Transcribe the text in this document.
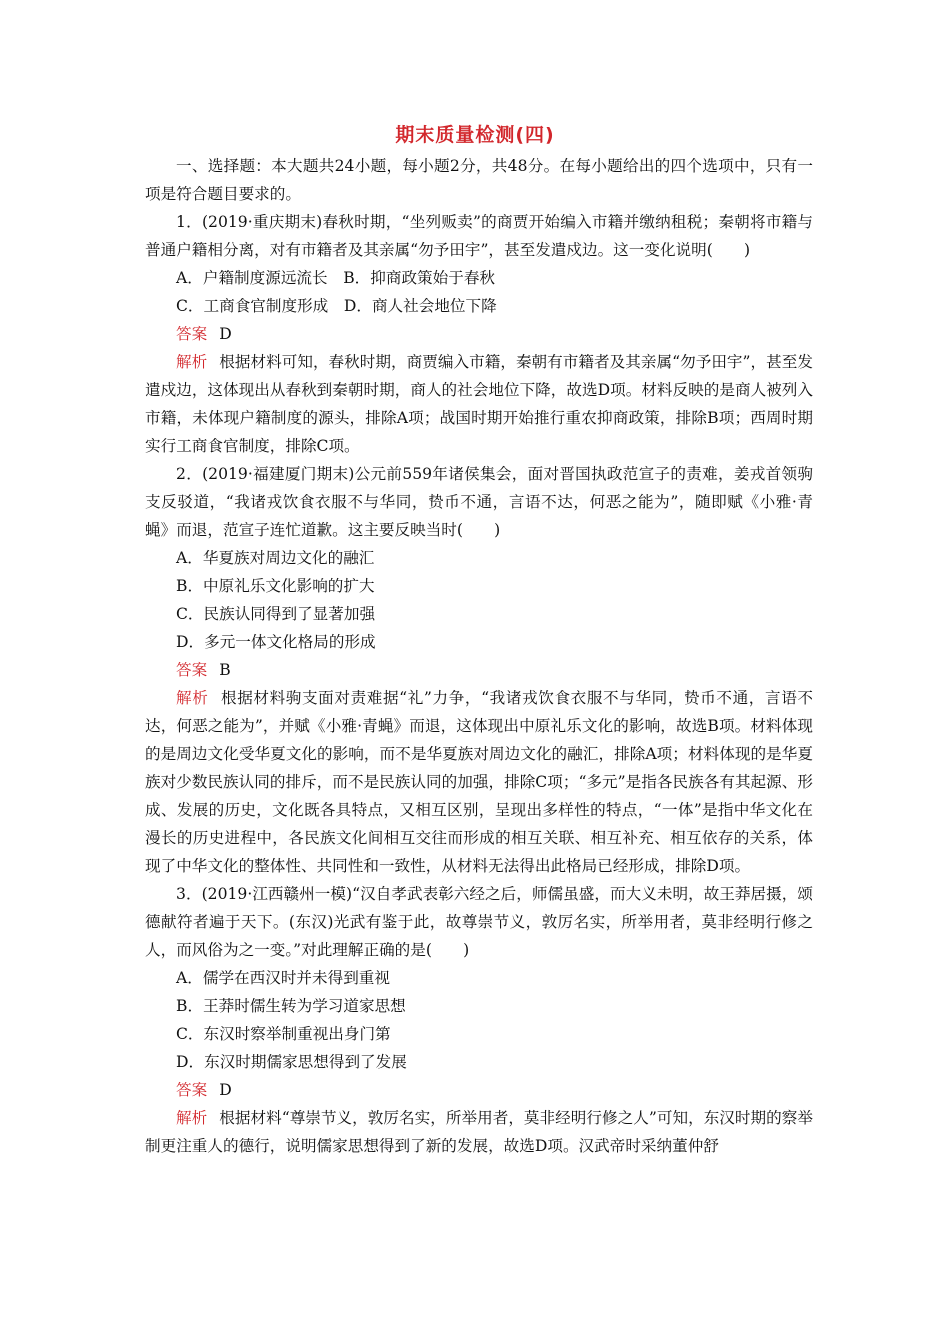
期末质量检测(四)

一、选择题：本大题共24小题，每小题2分，共48分。在每小题给出的四个选项中，只有一项是符合题目要求的。

1．(2019·重庆期末)春秋时期，“坐列贩卖”的商贾开始编入市籍并缴纳租税；秦朝将市籍与普通户籍相分离，对有市籍者及其亲属“勿予田宇”，甚至发遣戍边。这一变化说明(　　)

A．户籍制度源远流长　B．抑商政策始于春秋

C．工商食官制度形成　D．商人社会地位下降

答案 D

解析 根据材料可知，春秋时期，商贾编入市籍，秦朝有市籍者及其亲属“勿予田宇”，甚至发遣戍边，这体现出从春秋到秦朝时期，商人的社会地位下降，故选D项。材料反映的是商人被列入市籍，未体现户籍制度的源头，排除A项；战国时期开始推行重农抑商政策，排除B项；西周时期实行工商食官制度，排除C项。

2．(2019·福建厦门期末)公元前559年诸侯集会，面对晋国执政范宣子的责难，姜戎首领驹支反驳道，“我诸戎饮食衣服不与华同，贽币不通，言语不达，何恶之能为”，随即赋《小雅·青蝇》而退，范宣子连忙道歉。这主要反映当时(　　)

A．华夏族对周边文化的融汇

B．中原礼乐文化影响的扩大

C．民族认同得到了显著加强

D．多元一体文化格局的形成

答案 B

解析 根据材料驹支面对责难据“礼”力争，“我诸戎饮食衣服不与华同，贽币不通，言语不达，何恶之能为”，并赋《小雅·青蝇》而退，这体现出中原礼乐文化的影响，故选B项。材料体现的是周边文化受华夏文化的影响，而不是华夏族对周边文化的融汇，排除A项；材料体现的是华夏族对少数民族认同的排斥，而不是民族认同的加强，排除C项；“多元”是指各民族各有其起源、形成、发展的历史，文化既各具特点，又相互区别，呈现出多样性的特点，“一体”是指中华文化在漫长的历史进程中，各民族文化间相互交往而形成的相互关联、相互补充、相互依存的关系，体现了中华文化的整体性、共同性和一致性，从材料无法得出此格局已经形成，排除D项。

3．(2019·江西赣州一模)“汉自孝武表彰六经之后，师儒虽盛，而大义未明，故王莽居摄，颂德献符者遍于天下。(东汉)光武有鉴于此，故尊崇节义，敦厉名实，所举用者，莫非经明行修之人，而风俗为之一变。”对此理解正确的是(　　)

A．儒学在西汉时并未得到重视

B．王莽时儒生转为学习道家思想

C．东汉时察举制重视出身门第

D．东汉时期儒家思想得到了发展

答案 D

解析 根据材料“尊崇节义，敦厉名实，所举用者，莫非经明行修之人”可知，东汉时期的察举制更注重人的德行，说明儒家思想得到了新的发展，故选D项。汉武帝时采纳董仲舒
